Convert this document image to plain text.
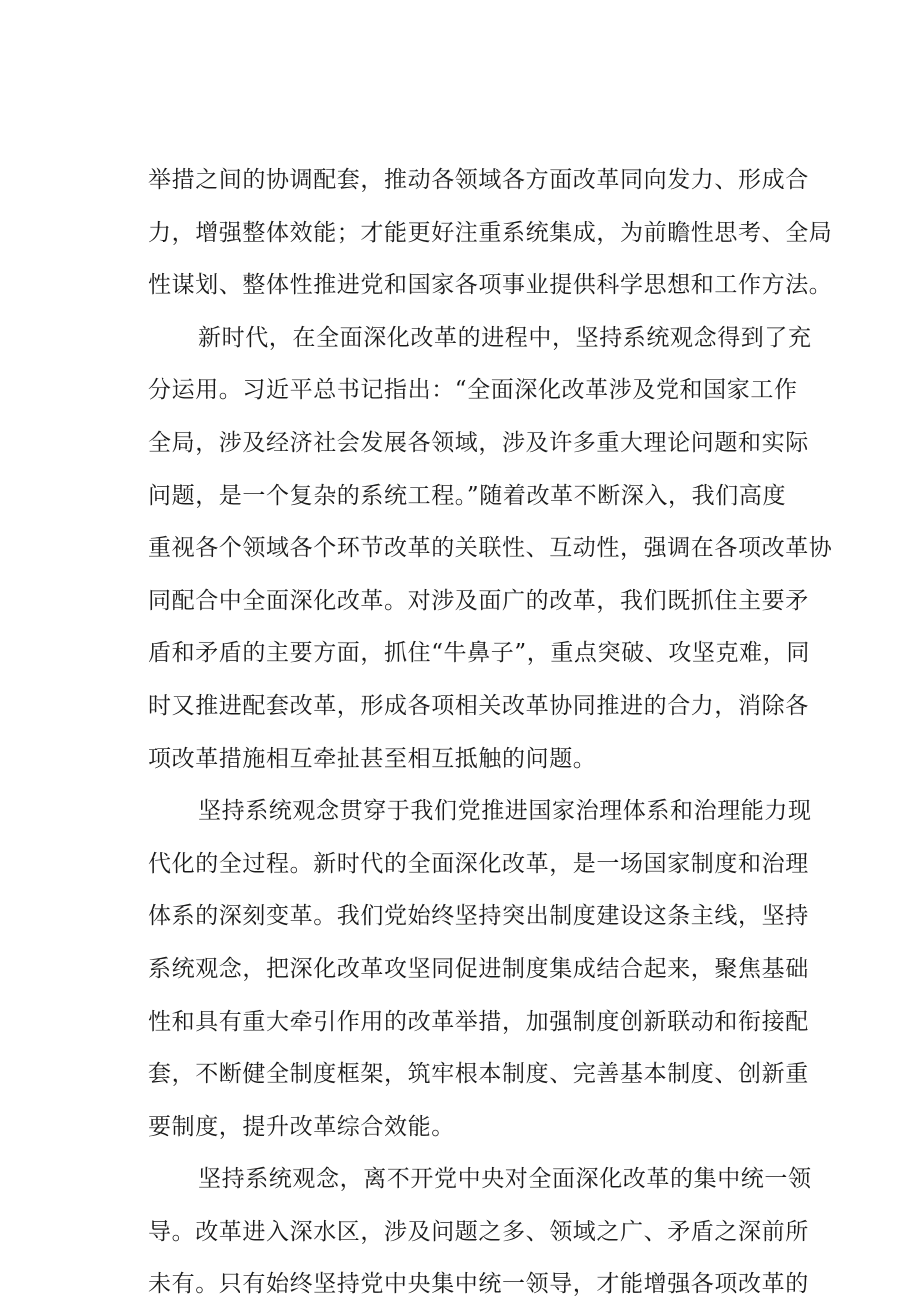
举措之间的协调配套，推动各领域各方面改革同向发力、形成合
力，增强整体效能；才能更好注重系统集成，为前瞻性思考、全局
性谋划、整体性推进党和国家各项事业提供科学思想和工作方法。
新时代，在全面深化改革的进程中，坚持系统观念得到了充
分运用。习近平总书记指出：“全面深化改革涉及党和国家工作
全局，涉及经济社会发展各领域，涉及许多重大理论问题和实际
问题，是一个复杂的系统工程。”随着改革不断深入，我们高度
重视各个领域各个环节改革的关联性、互动性，强调在各项改革协
同配合中全面深化改革。对涉及面广的改革，我们既抓住主要矛
盾和矛盾的主要方面，抓住“牛鼻子”，重点突破、攻坚克难，同
时又推进配套改革，形成各项相关改革协同推进的合力，消除各
项改革措施相互牵扯甚至相互抵触的问题。
坚持系统观念贯穿于我们党推进国家治理体系和治理能力现
代化的全过程。新时代的全面深化改革，是一场国家制度和治理
体系的深刻变革。我们党始终坚持突出制度建设这条主线，坚持
系统观念，把深化改革攻坚同促进制度集成结合起来，聚焦基础
性和具有重大牵引作用的改革举措，加强制度创新联动和衔接配
套，不断健全制度框架，筑牢根本制度、完善基本制度、创新重
要制度，提升改革综合效能。
坚持系统观念，离不开党中央对全面深化改革的集中统一领
导。改革进入深水区，涉及问题之多、领域之广、矛盾之深前所
未有。只有始终坚持党中央集中统一领导，才能增强各项改革的
